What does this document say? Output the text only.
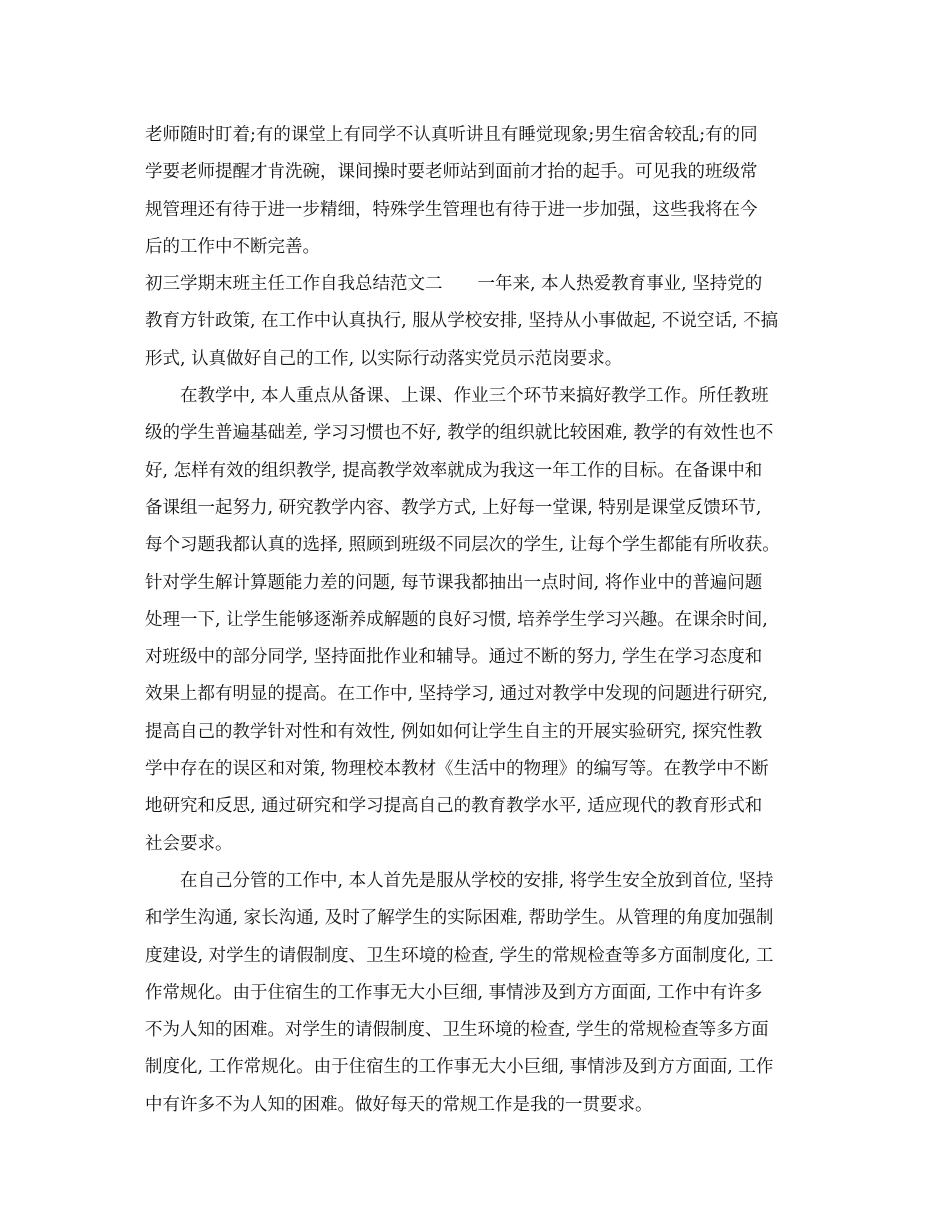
老师随时盯着;有的课堂上有同学不认真听讲且有睡觉现象;男生宿舍较乱;有的同
学要老师提醒才肯洗碗，课间操时要老师站到面前才抬的起手。可见我的班级常
规管理还有待于进一步精细，特殊学生管理也有待于进一步加强，这些我将在今
后的工作中不断完善。
初三学期末班主任工作自我总结范文二　　一年来, 本人热爱教育事业, 坚持党的
教育方针政策, 在工作中认真执行, 服从学校安排, 坚持从小事做起, 不说空话, 不搞
形式, 认真做好自己的工作, 以实际行动落实党员示范岗要求。
　　在教学中, 本人重点从备课、上课、作业三个环节来搞好教学工作。所任教班
级的学生普遍基础差, 学习习惯也不好, 教学的组织就比较困难, 教学的有效性也不
好, 怎样有效的组织教学, 提高教学效率就成为我这一年工作的目标。在备课中和
备课组一起努力, 研究教学内容、教学方式, 上好每一堂课, 特别是课堂反馈环节,
每个习题我都认真的选择, 照顾到班级不同层次的学生, 让每个学生都能有所收获。
针对学生解计算题能力差的问题, 每节课我都抽出一点时间, 将作业中的普遍问题
处理一下, 让学生能够逐渐养成解题的良好习惯, 培养学生学习兴趣。在课余时间,
对班级中的部分同学, 坚持面批作业和辅导。通过不断的努力, 学生在学习态度和
效果上都有明显的提高。在工作中, 坚持学习, 通过对教学中发现的问题进行研究,
提高自己的教学针对性和有效性, 例如如何让学生自主的开展实验研究, 探究性教
学中存在的误区和对策, 物理校本教材《生活中的物理》的编写等。在教学中不断
地研究和反思, 通过研究和学习提高自己的教育教学水平, 适应现代的教育形式和
社会要求。
　　在自己分管的工作中, 本人首先是服从学校的安排, 将学生安全放到首位, 坚持
和学生沟通, 家长沟通, 及时了解学生的实际困难, 帮助学生。从管理的角度加强制
度建设, 对学生的请假制度、卫生环境的检查, 学生的常规检查等多方面制度化, 工
作常规化。由于住宿生的工作事无大小巨细, 事情涉及到方方面面, 工作中有许多
不为人知的困难。对学生的请假制度、卫生环境的检查, 学生的常规检查等多方面
制度化, 工作常规化。由于住宿生的工作事无大小巨细, 事情涉及到方方面面, 工作
中有许多不为人知的困难。做好每天的常规工作是我的一贯要求。
